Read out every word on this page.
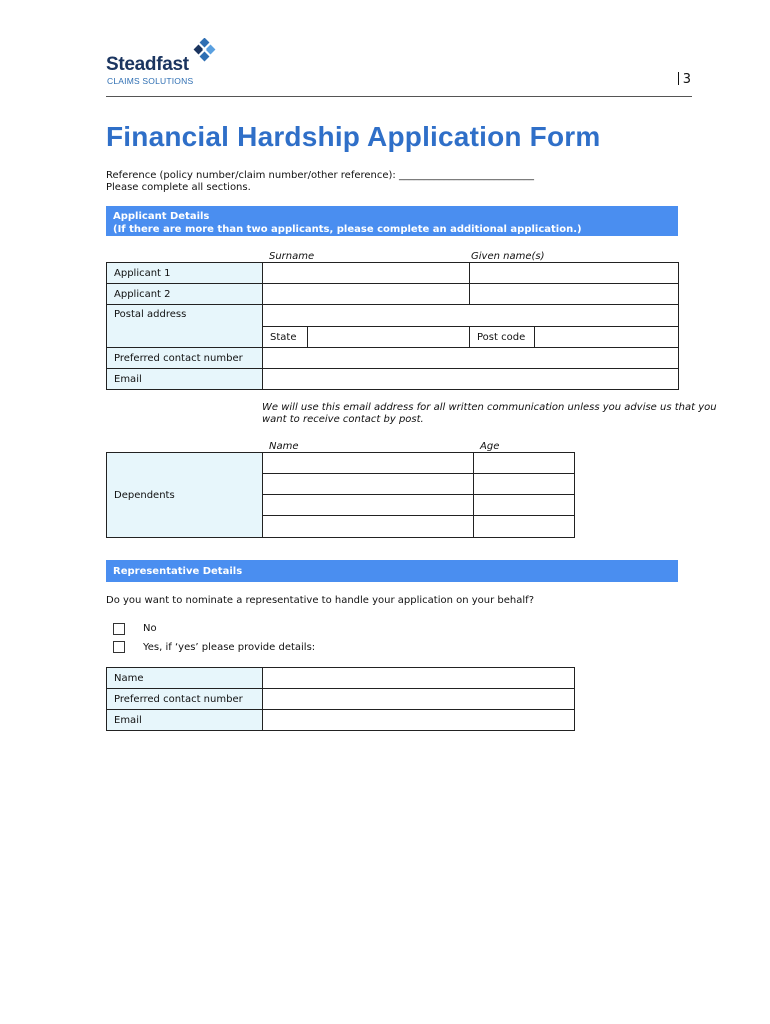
Steadfast
CLAIMS SOLUTIONS	3
Financial Hardship Application Form
Reference (policy number/claim number/other reference): ___________________________
Please complete all sections.
Applicant Details
(If there are more than two applicants, please complete an additional application.)
Surname	Given name(s)
Applicant 1				
Applicant 2				
Postal address				
	State		Post code	
Preferred contact number				
Email				
We will use this email address for all written communication unless you advise us that you
want to receive contact by post.
Name	Age
Dependents		

Representative Details
Do you want to nominate a representative to handle your application on your behalf?
No
Yes, if ‘yes’ please provide details:
Name	
Preferred contact number	
Email	
